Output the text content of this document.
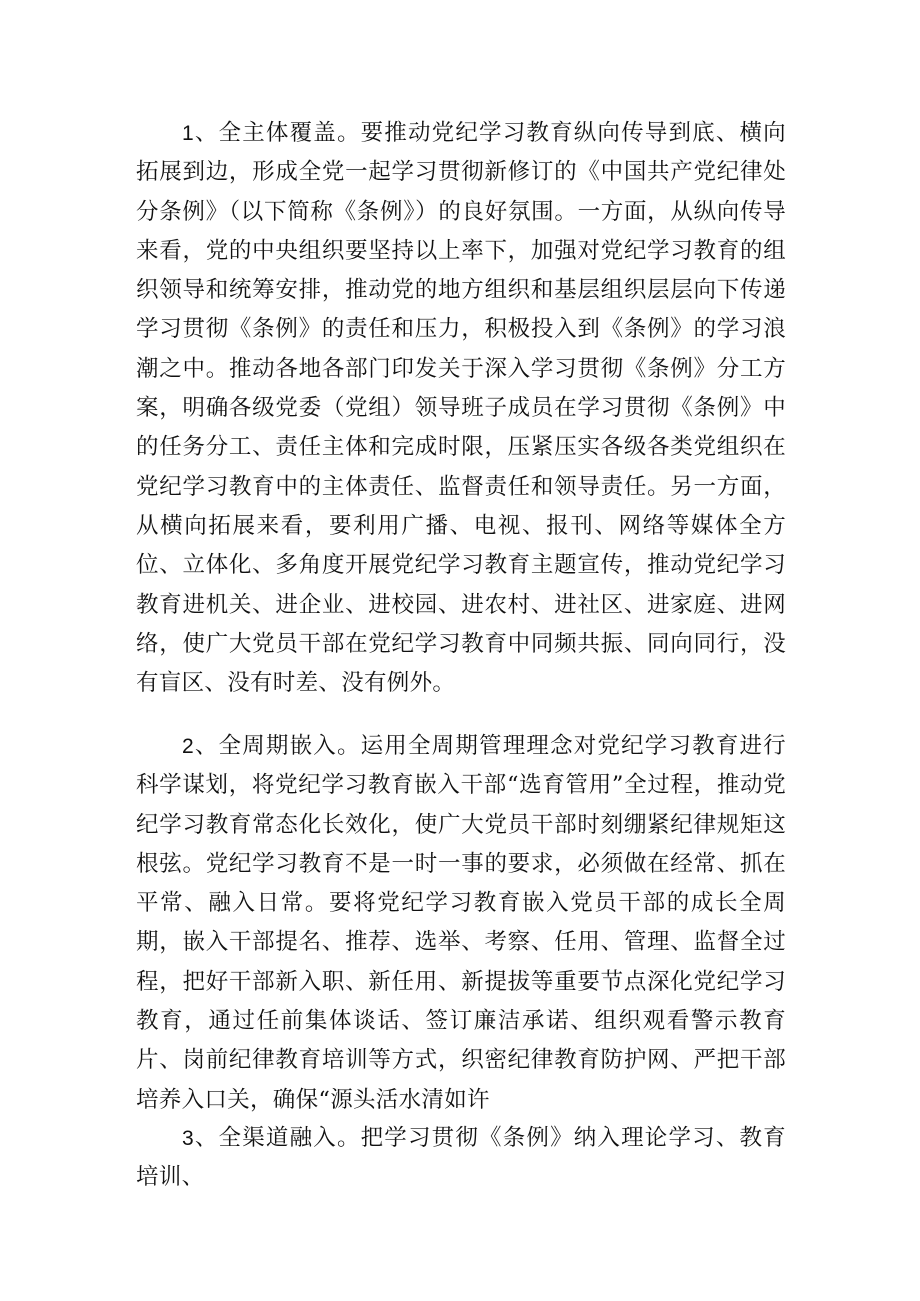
1、全主体覆盖。要推动党纪学习教育纵向传导到底、横向拓展到边，形成全党一起学习贯彻新修订的《中国共产党纪律处分条例》（以下简称《条例》）的良好氛围。一方面，从纵向传导来看，党的中央组织要坚持以上率下，加强对党纪学习教育的组织领导和统筹安排，推动党的地方组织和基层组织层层向下传递学习贯彻《条例》的责任和压力，积极投入到《条例》的学习浪潮之中。推动各地各部门印发关于深入学习贯彻《条例》分工方案，明确各级党委（党组）领导班子成员在学习贯彻《条例》中的任务分工、责任主体和完成时限，压紧压实各级各类党组织在党纪学习教育中的主体责任、监督责任和领导责任。另一方面，从横向拓展来看，要利用广播、电视、报刊、网络等媒体全方位、立体化、多角度开展党纪学习教育主题宣传，推动党纪学习教育进机关、进企业、进校园、进农村、进社区、进家庭、进网络，使广大党员干部在党纪学习教育中同频共振、同向同行，没有盲区、没有时差、没有例外。

2、全周期嵌入。运用全周期管理理念对党纪学习教育进行科学谋划，将党纪学习教育嵌入干部“选育管用”全过程，推动党纪学习教育常态化长效化，使广大党员干部时刻绷紧纪律规矩这根弦。党纪学习教育不是一时一事的要求，必须做在经常、抓在平常、融入日常。要将党纪学习教育嵌入党员干部的成长全周期，嵌入干部提名、推荐、选举、考察、任用、管理、监督全过程，把好干部新入职、新任用、新提拔等重要节点深化党纪学习教育，通过任前集体谈话、签订廉洁承诺、组织观看警示教育片、岗前纪律教育培训等方式，织密纪律教育防护网、严把干部培养入口关，确保“源头活水清如许

3、全渠道融入。把学习贯彻《条例》纳入理论学习、教育培训、
